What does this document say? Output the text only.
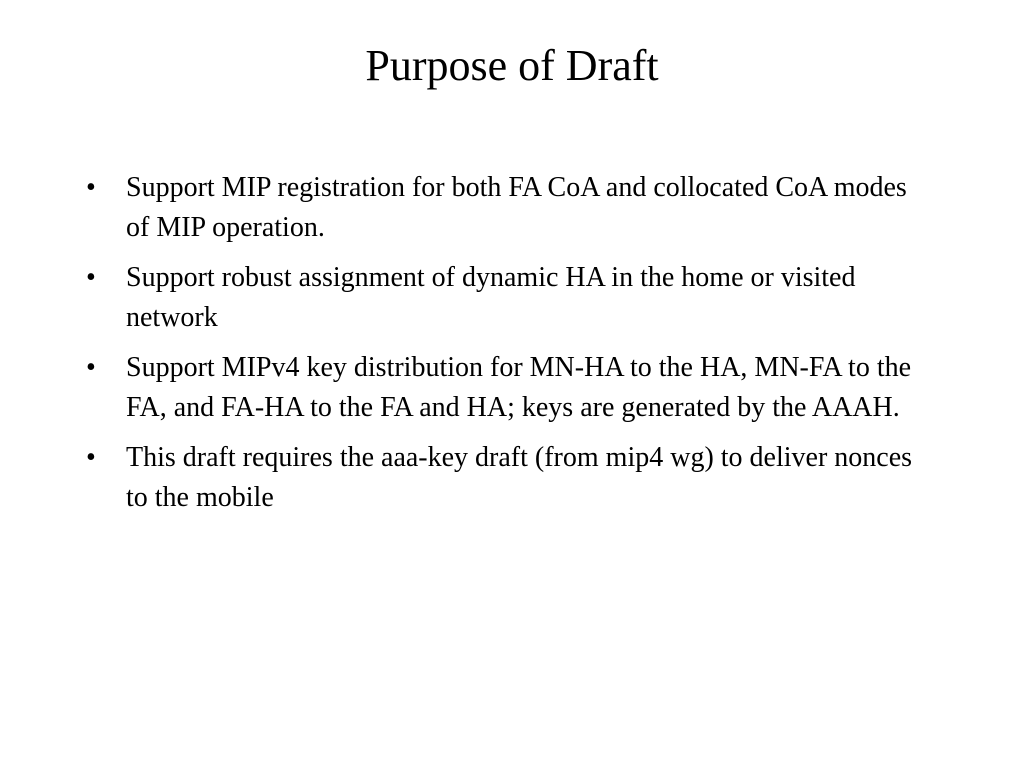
Purpose of Draft
•	Support MIP registration for both FA CoA and collocated CoA modes of MIP operation.
•	Support robust assignment of dynamic HA in the home or visited network
•	Support MIPv4 key distribution for MN-HA to the HA, MN-FA to the FA, and FA-HA to the FA and HA; keys are generated by the AAAH.
•	This draft requires the aaa-key draft (from mip4 wg) to deliver nonces to the mobile
